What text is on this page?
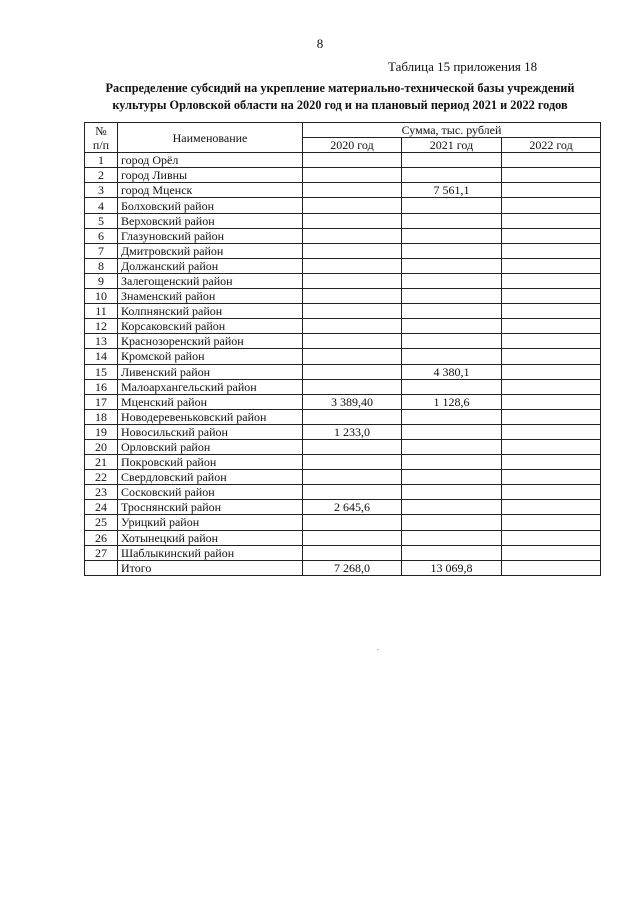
8
Таблица 15 приложения 18
Распределение субсидий на укрепление материально-технической базы учреждений
культуры Орловской области на 2020 год и на плановый период 2021 и 2022 годов
№
п/п	Наименование	Сумма, тыс. рублей		
		2020 год	2021 год	2022 год
1	город Орёл			
2	город Ливны			
3	город Мценск		7 561,1	
4	Болховский район			
5	Верховский район			
6	Глазуновский район			
7	Дмитровский район			
8	Должанский район			
9	Залегощенский район			
10	Знаменский район			
11	Колпнянский район			
12	Корсаковский район			
13	Краснозоренский район			
14	Кромской район			
15	Ливенский район		4 380,1	
16	Малоархангельский район			
17	Мценский район	3 389,40	1 128,6	
18	Новодеревеньковский район			
19	Новосильский район	1 233,0		
20	Орловский район			
21	Покровский район			
22	Свердловский район			
23	Сосковский район			
24	Троснянский район	2 645,6		
25	Урицкий район			
26	Хотынецкий район			
27	Шаблыкинский район			
	Итого	7 268,0	13 069,8	
